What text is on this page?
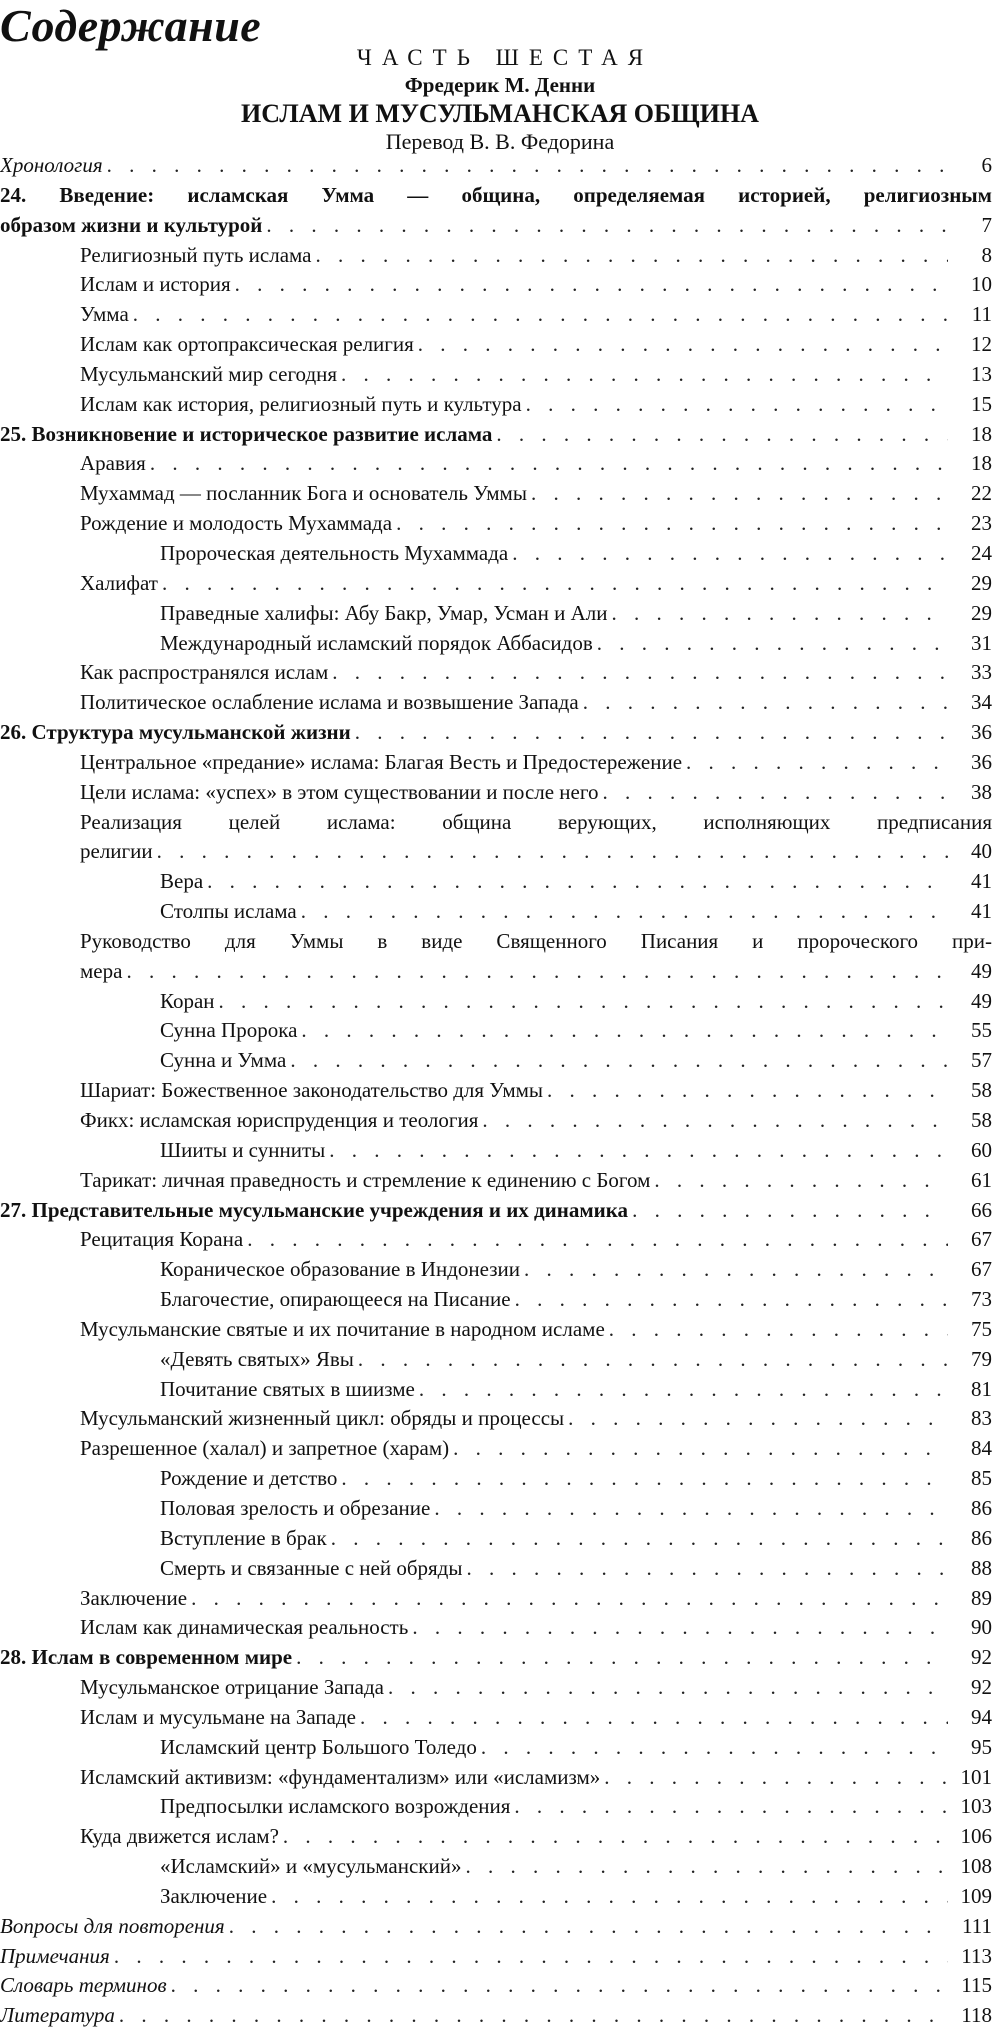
Содержание
ЧАСТЬ ШЕСТАЯ
Фредерик М. Денни
ИСЛАМ И МУСУЛЬМАНСКАЯ ОБЩИНА
Перевод В. В. Федорина
Хронология . . .	6
24. Введение: исламская Умма — община, определяемая историей, религиозным
образом жизни и культурой . . .	7
Религиозный путь ислама . . .	8
Ислам и история . . .	10
Умма . . .	11
Ислам как ортопраксическая религия . . .	12
Мусульманский мир сегодня . . .	13
Ислам как история, религиозный путь и культура . . .	15
25. Возникновение и историческое развитие ислама . . .	18
Аравия . . .	18
Мухаммад — посланник Бога и основатель Уммы . . .	22
Рождение и молодость Мухаммада . . .	23
Пророческая деятельность Мухаммада . . .	24
Халифат . . .	29
Праведные халифы: Абу Бакр, Умар, Усман и Али . . .	29
Международный исламский порядок Аббасидов . . .	31
Как распространялся ислам . . .	33
Политическое ослабление ислама и возвышение Запада . . .	34
26. Структура мусульманской жизни . . .	36
Центральное «предание» ислама: Благая Весть и Предостережение . . .	36
Цели ислама: «успех» в этом существовании и после него . . .	38
Реализация целей ислама: община верующих, исполняющих предписания
религии . . .	40
Вера . . .	41
Столпы ислама . . .	41
Руководство для Уммы в виде Священного Писания и пророческого при-
мера . . .	49
Коран . . .	49
Сунна Пророка . . .	55
Сунна и Умма . . .	57
Шариат: Божественное законодательство для Уммы . . .	58
Фикх: исламская юриспруденция и теология . . .	58
Шииты и сунниты . . .	60
Тарикат: личная праведность и стремление к единению с Богом . . .	61
27. Представительные мусульманские учреждения и их динамика . . .	66
Рецитация Корана . . .	67
Кораническое образование в Индонезии . . .	67
Благочестие, опирающееся на Писание . . .	73
Мусульманские святые и их почитание в народном исламе . . .	75
«Девять святых» Явы . . .	79
Почитание святых в шиизме . . .	81
Мусульманский жизненный цикл: обряды и процессы . . .	83
Разрешенное (халал) и запретное (харам) . . .	84
Рождение и детство . . .	85
Половая зрелость и обрезание . . .	86
Вступление в брак . . .	86
Смерть и связанные с ней обряды . . .	88
Заключение . . .	89
Ислам как динамическая реальность . . .	90
28. Ислам в современном мире . . .	92
Мусульманское отрицание Запада . . .	92
Ислам и мусульмане на Западе . . .	94
Исламский центр Большого Толедо . . .	95
Исламский активизм: «фундаментализм» или «исламизм» . . .	101
Предпосылки исламского возрождения . . .	103
Куда движется ислам? . . .	106
«Исламский» и «мусульманский» . . .	108
Заключение . . .	109
Вопросы для повторения . . .	111
Примечания . . .	113
Словарь терминов . . .	115
Литература . . .	118
